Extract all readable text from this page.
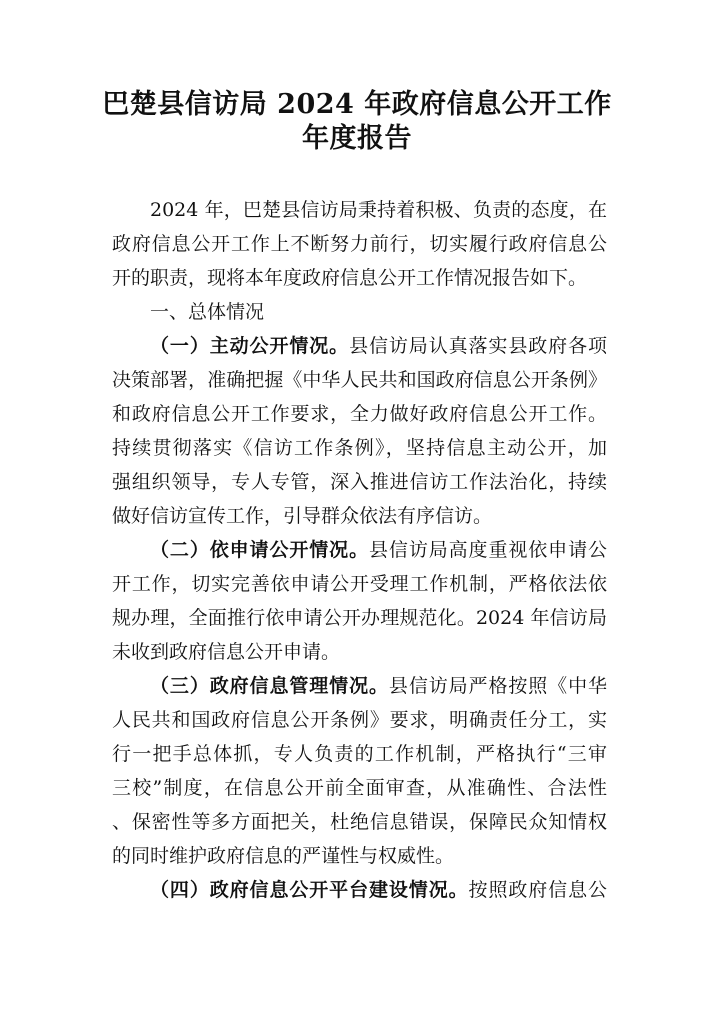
巴楚县信访局 2024 年政府信息公开工作
年度报告
2024 年，巴楚县信访局秉持着积极、负责的态度，在
政府信息公开工作上不断努力前行，切实履行政府信息公
开的职责，现将本年度政府信息公开工作情况报告如下。
一、总体情况
（一）主动公开情况。县信访局认真落实县政府各项
决策部署，准确把握《中华人民共和国政府信息公开条例》
和政府信息公开工作要求，全力做好政府信息公开工作。
持续贯彻落实《信访工作条例》，坚持信息主动公开，加
强组织领导，专人专管，深入推进信访工作法治化，持续
做好信访宣传工作，引导群众依法有序信访。
（二）依申请公开情况。县信访局高度重视依申请公
开工作，切实完善依申请公开受理工作机制，严格依法依
规办理，全面推行依申请公开办理规范化。2024 年信访局
未收到政府信息公开申请。
（三）政府信息管理情况。县信访局严格按照《中华
人民共和国政府信息公开条例》要求，明确责任分工，实
行一把手总体抓，专人负责的工作机制，严格执行“三审
三校”制度，在信息公开前全面审查，从准确性、合法性
、保密性等多方面把关，杜绝信息错误，保障民众知情权
的同时维护政府信息的严谨性与权威性。
（四）政府信息公开平台建设情况。按照政府信息公
